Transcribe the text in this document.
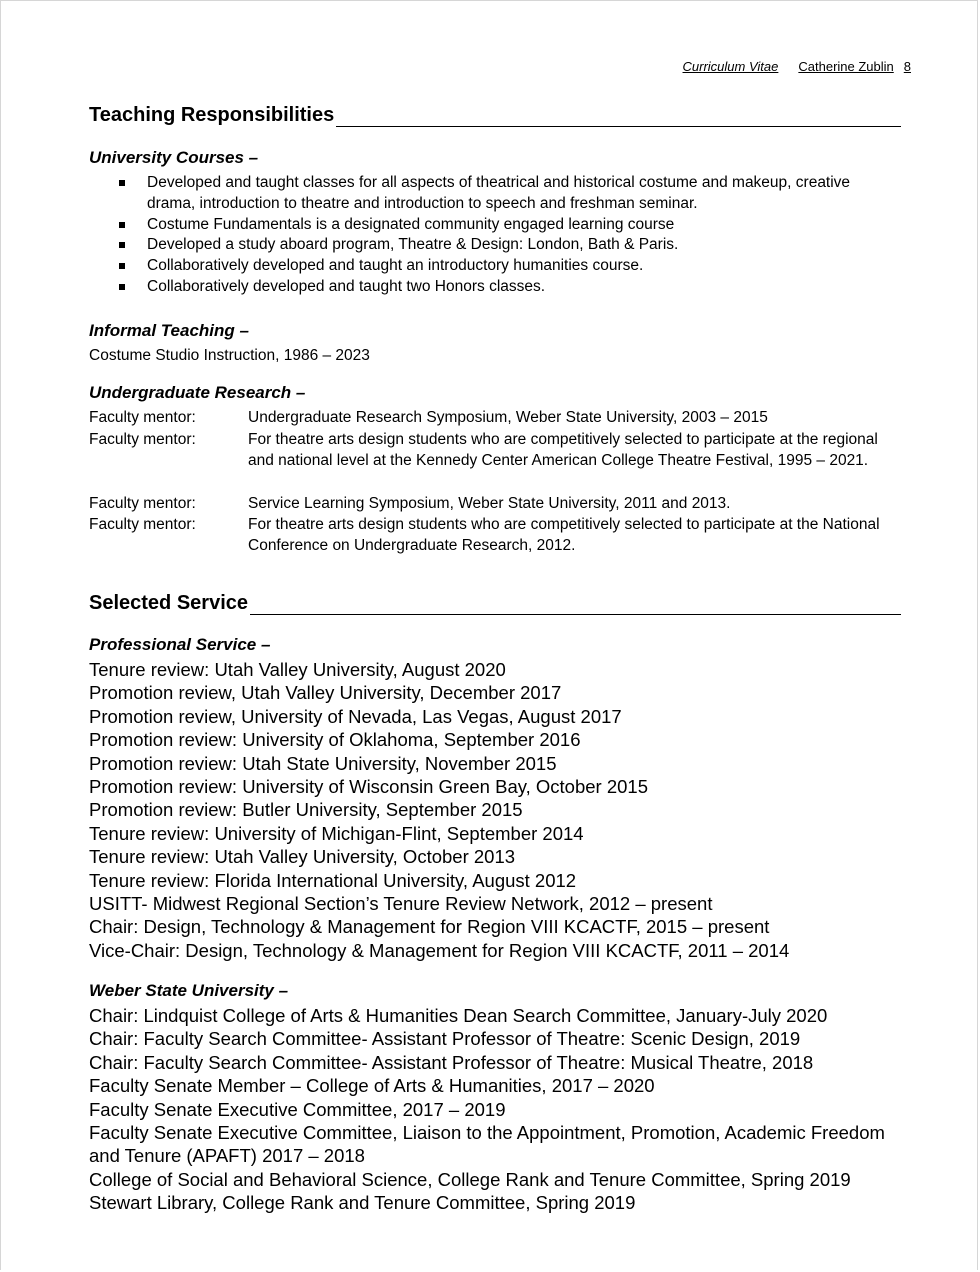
Curriculum Vitae Catherine Zublin 8
Teaching Responsibilities
University Courses –
Developed and taught classes for all aspects of theatrical and historical costume and makeup, creative drama, introduction to theatre and introduction to speech and freshman seminar.
Costume Fundamentals is a designated community engaged learning course
Developed a study aboard program, Theatre & Design: London, Bath & Paris.
Collaboratively developed and taught an introductory humanities course.
Collaboratively developed and taught two Honors classes.
Informal Teaching –
Costume Studio Instruction, 1986 – 2023
Undergraduate Research –
Faculty mentor:	Undergraduate Research Symposium, Weber State University, 2003 – 2015
Faculty mentor:	For theatre arts design students who are competitively selected to participate at the regional and national level at the Kennedy Center American College Theatre Festival, 1995 – 2021.
Faculty mentor:	Service Learning Symposium, Weber State University, 2011 and 2013.
Faculty mentor:	For theatre arts design students who are competitively selected to participate at the National Conference on Undergraduate Research, 2012.
Selected Service
Professional Service –
Tenure review: Utah Valley University, August 2020
Promotion review, Utah Valley University, December 2017
Promotion review, University of Nevada, Las Vegas, August 2017
Promotion review: University of Oklahoma, September 2016
Promotion review: Utah State University, November 2015
Promotion review: University of Wisconsin Green Bay, October 2015
Promotion review: Butler University, September 2015
Tenure review: University of Michigan-Flint, September 2014
Tenure review: Utah Valley University, October 2013
Tenure review: Florida International University, August 2012
USITT- Midwest Regional Section’s Tenure Review Network, 2012 – present
Chair: Design, Technology & Management for Region VIII KCACTF, 2015 – present
Vice-Chair: Design, Technology & Management for Region VIII KCACTF, 2011 – 2014
Weber State University –
Chair: Lindquist College of Arts & Humanities Dean Search Committee, January-July 2020
Chair: Faculty Search Committee- Assistant Professor of Theatre: Scenic Design, 2019
Chair: Faculty Search Committee- Assistant Professor of Theatre: Musical Theatre, 2018
Faculty Senate Member – College of Arts & Humanities, 2017 – 2020
Faculty Senate Executive Committee, 2017 – 2019
Faculty Senate Executive Committee, Liaison to the Appointment, Promotion, Academic Freedom and Tenure (APAFT) 2017 – 2018
College of Social and Behavioral Science, College Rank and Tenure Committee, Spring 2019
Stewart Library, College Rank and Tenure Committee, Spring 2019
